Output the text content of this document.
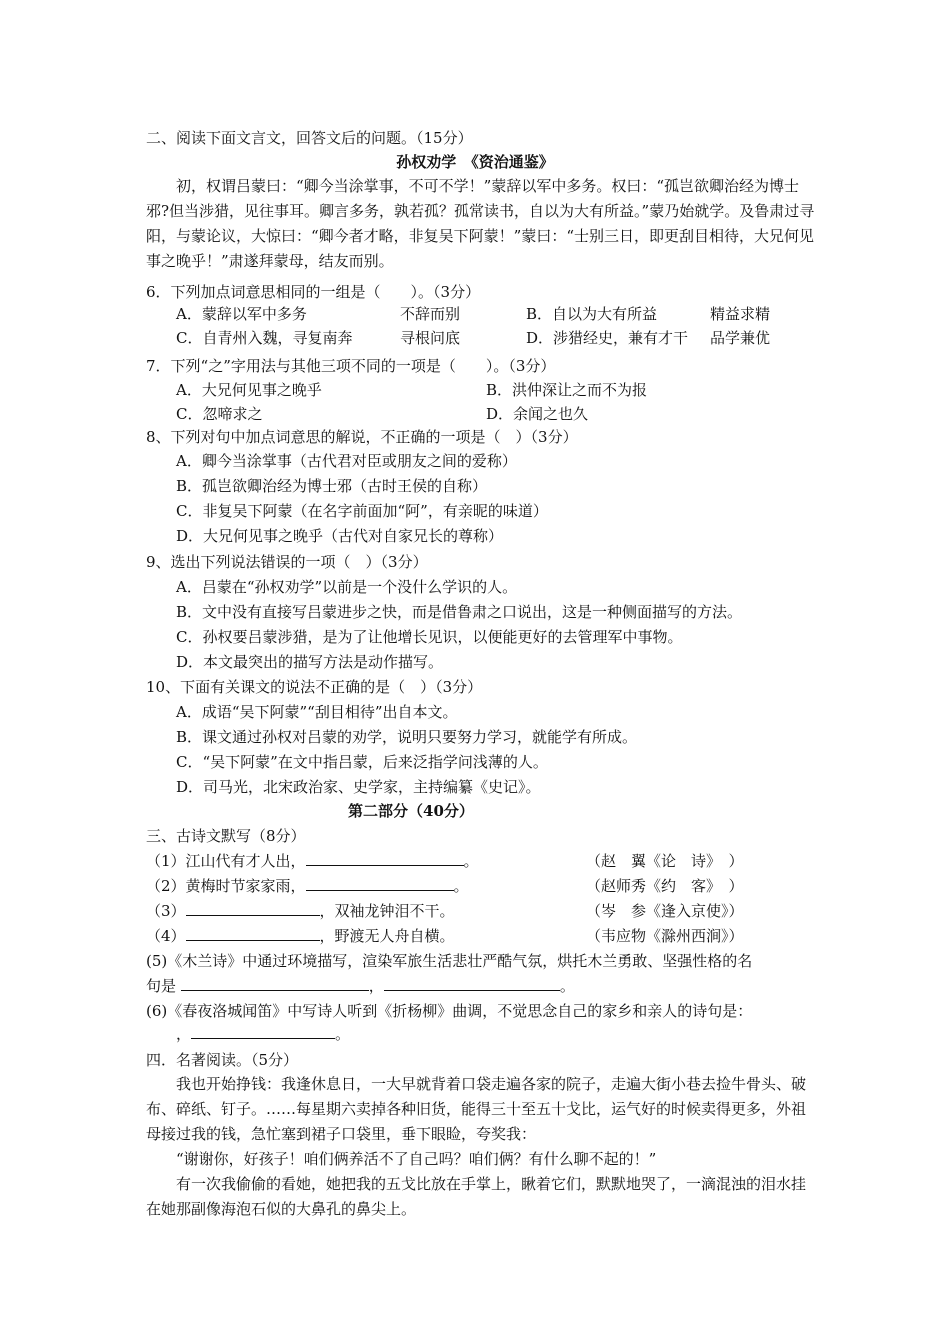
二、阅读下面文言文，回答文后的问题。（15分）
孙权劝学　《资治通鉴》
初，权谓吕蒙曰：“卿今当涂掌事，不可不学！”蒙辞以军中多务。权曰：“孤岂欲卿治经为博士邪?但当涉猎，见往事耳。卿言多务，孰若孤？孤常读书，自以为大有所益。”蒙乃始就学。及鲁肃过寻阳，与蒙论议，大惊曰：“卿今者才略，非复吴下阿蒙！”蒙曰：“士别三日，即更刮目相待，大兄何见事之晚乎！”肃遂拜蒙母，结友而别。
6．下列加点词意思相同的一组是（　　）。（3分）
A．蒙辞以军中多务	不辞而别	B．自以为大有所益	精益求精
C．自青州入魏，寻复南奔	寻根问底	D．涉猎经史，兼有才干 品学兼优
7．下列“之”字用法与其他三项不同的一项是（　　）。（3分）
A．大兄何见事之晚乎	B．洪仲深让之而不为报
C．忽啼求之	D．余闻之也久
8、下列对句中加点词意思的解说，不正确的一项是（　）（3分）
A．卿今当涂掌事（古代君对臣或朋友之间的爱称）
B．孤岂欲卿治经为博士邪（古时王侯的自称）
C．非复吴下阿蒙（在名字前面加“阿”，有亲昵的味道）
D．大兄何见事之晚乎（古代对自家兄长的尊称）
9、选出下列说法错误的一项（　）（3分）
A．吕蒙在“孙权劝学”以前是一个没什么学识的人。
B．文中没有直接写吕蒙进步之快，而是借鲁肃之口说出，这是一种侧面描写的方法。
C．孙权要吕蒙涉猎，是为了让他增长见识，以便能更好的去管理军中事物。
D．本文最突出的描写方法是动作描写。
10、下面有关课文的说法不正确的是（　）（3分）
A．成语“吴下阿蒙”“刮目相待”出自本文。
B．课文通过孙权对吕蒙的劝学，说明只要努力学习，就能学有所成。
C．“吴下阿蒙”在文中指吕蒙，后来泛指学问浅薄的人。
D．司马光，北宋政治家、史学家，主持编纂《史记》。
第二部分（40分）
三、古诗文默写（8分）
（1）江山代有才人出，	。	（赵　翼《论　诗》　）
（2）黄梅时节家家雨，	。	（赵师秀《约　客》　）
（3）	，双袖龙钟泪不干。	（岑　参《逢入京使》）
（4）	，野渡无人舟自横。	（韦应物《滁州西涧》）
(5)《木兰诗》中通过环境描写，渲染军旅生活悲壮严酷气氛，烘托木兰勇敢、坚强性格的名
句是	，	。
(6)《春夜洛城闻笛》中写诗人听到《折杨柳》曲调，不觉思念自己的家乡和亲人的诗句是：
，	。
四．名著阅读。（5分）
我也开始挣钱：我逢休息日，一大早就背着口袋走遍各家的院子，走遍大街小巷去捡牛骨头、破布、碎纸、钉子。……每星期六卖掉各种旧货，能得三十至五十戈比，运气好的时候卖得更多，外祖母接过我的钱，急忙塞到裙子口袋里，垂下眼睑，夸奖我：
“谢谢你，好孩子！咱们俩养活不了自己吗？咱们俩？有什么聊不起的！”
有一次我偷偷的看她，她把我的五戈比放在手掌上，瞅着它们，默默地哭了，一滴混浊的泪水挂在她那副像海泡石似的大鼻孔的鼻尖上。
